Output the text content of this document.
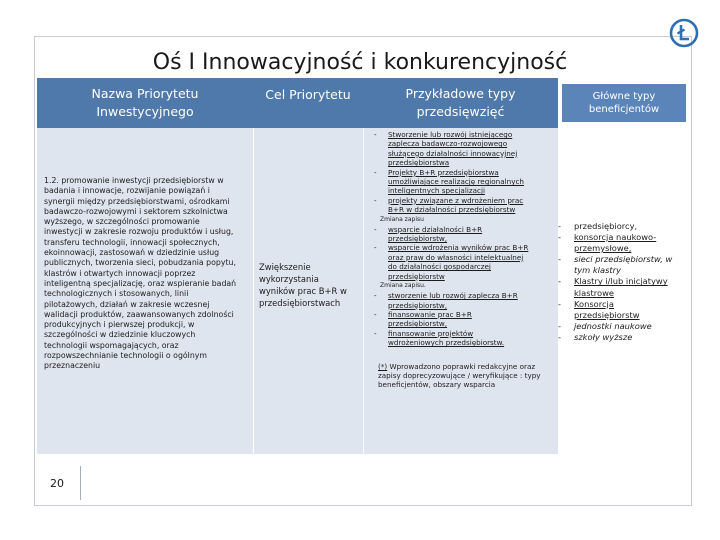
Oś I Innowacyjność i konkurencyjność
Nazwa Priorytetu
Inwestycyjnego
Cel Priorytetu	Przykładowe typy
przedsięwzięć
Główne typy
beneficjentów
1.2. promowanie inwestycji przedsiębiorstw w
badania i innowacje, rozwijanie powiązań i
synergii między przedsiębiorstwami, ośrodkami
badawczo-rozwojowymi i sektorem szkolnictwa
wyższego, w szczególności promowanie
inwestycji w zakresie rozwoju produktów i usług,
transferu technologii, innowacji społecznych,
ekoinnowacji, zastosowań w dziedzinie usług
publicznych, tworzenia sieci, pobudzania popytu,
klastrów i otwartych innowacji poprzez
inteligentną specjalizację, oraz wspieranie badań
technologicznych i stosowanych, linii
pilotażowych, działań w zakresie wczesnej
walidacji produktów, zaawansowanych zdolności
produkcyjnych i pierwszej produkcji, w
szczególności w dziedzinie kluczowych
technologii wspomagających, oraz
rozpowszechnianie technologii o ogólnym
przeznaczeniu
Zwiększenie
wykorzystania
wyników prac B+R w
przedsiębiorstwach
- Stworzenie lub rozwój istniejącego
zaplecza badawczo-rozwojowego
służącego działalności innowacyjnej
przedsiębiorstwa
- Projekty B+R przedsiębiorstwa
umożliwiające realizację regionalnych
inteligentnych specjalizacji
- projekty związane z wdrożeniem prac
B+R w działalności przedsiębiorstw
Zmiana zapisu
- wsparcie działalności B+R
przedsiębiorstw,
- wsparcie wdrożenia wyników prac B+R
oraz praw do własności intelektualnej
do działalności gospodarczej
przedsiębiorstw
Zmiana zapisu.
- stworzenie lub rozwój zaplecza B+R
przedsiębiorstw,
- finansowanie prac B+R
przedsiębiorstw,
- finansowanie projektów
wdrożeniowych przedsiębiorstw.
(*) Wprowadzono poprawki redakcyjne oraz
zapisy doprecyzowujące / weryfikujące : typy
beneficjentów, obszary wsparcia
- przedsiębiorcy,
- konsorcja naukowo-
przemysłowe,
- sieci przedsiębiorstw, w
tym klastry
- Klastry i/lub inicjatywy
klastrowe
- Konsorcja
przedsiębiorstw
- jednostki naukowe
- szkoły wyższe
20
